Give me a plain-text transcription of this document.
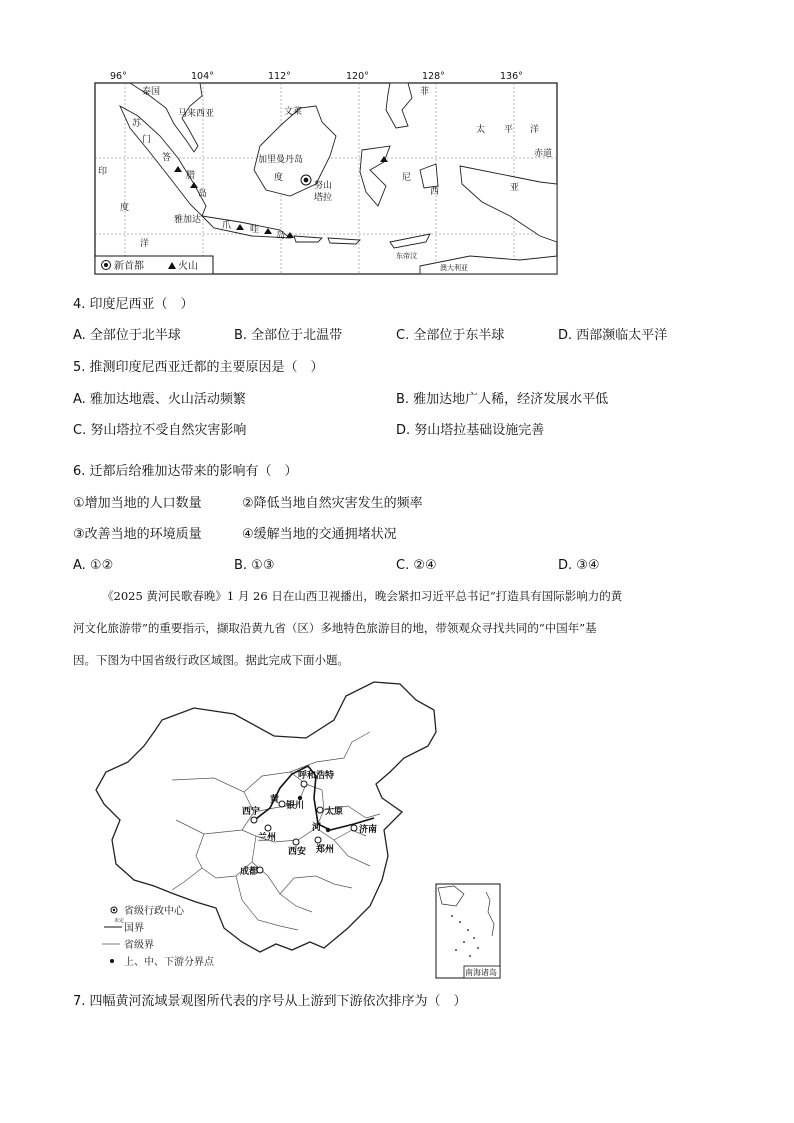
96°	104°	112°	120°	128°	136°
泰国
马来西亚	文莱
菲
苏
门
答
腊
岛
太 平 洋
赤道
加里曼丹岛
印
度	尼
西	亚
度
洋
努山
塔拉
雅加达
爪 哇
岛
东帝汶
澳大利亚
新首都	火山
4. 印度尼西亚（　）
A. 全部位于北半球	B. 全部位于北温带	C. 全部位于东半球	D. 西部濒临太平洋
5. 推测印度尼西亚迁都的主要原因是（　）
A. 雅加达地震、火山活动频繁	B. 雅加达地广人稀，经济发展水平低
C. 努山塔拉不受自然灾害影响	D. 努山塔拉基础设施完善
6. 迁都后给雅加达带来的影响有（　）
①增加当地的人口数量	②降低当地自然灾害发生的频率
③改善当地的环境质量	④缓解当地的交通拥堵状况
A. ①②	B. ①③	C. ②④	D. ③④
《2025 黄河民歌春晚》1 月 26 日在山西卫视播出，晚会紧扣习近平总书记“打造具有国际影响力的黄
河文化旅游带”的重要指示，撷取沿黄九省（区）多地特色旅游目的地，带领观众寻找共同的“中国年”基
因。下图为中国省级行政区域图。据此完成下面小题。
呼和浩特
银川
太原
西宁
兰州
济南
西安 郑州
成都
黄
河
省级行政中心
未定
国界
省级界
上、中、下游分界点
南海诸岛
7. 四幅黄河流域景观图所代表的序号从上游到下游依次排序为（　）
